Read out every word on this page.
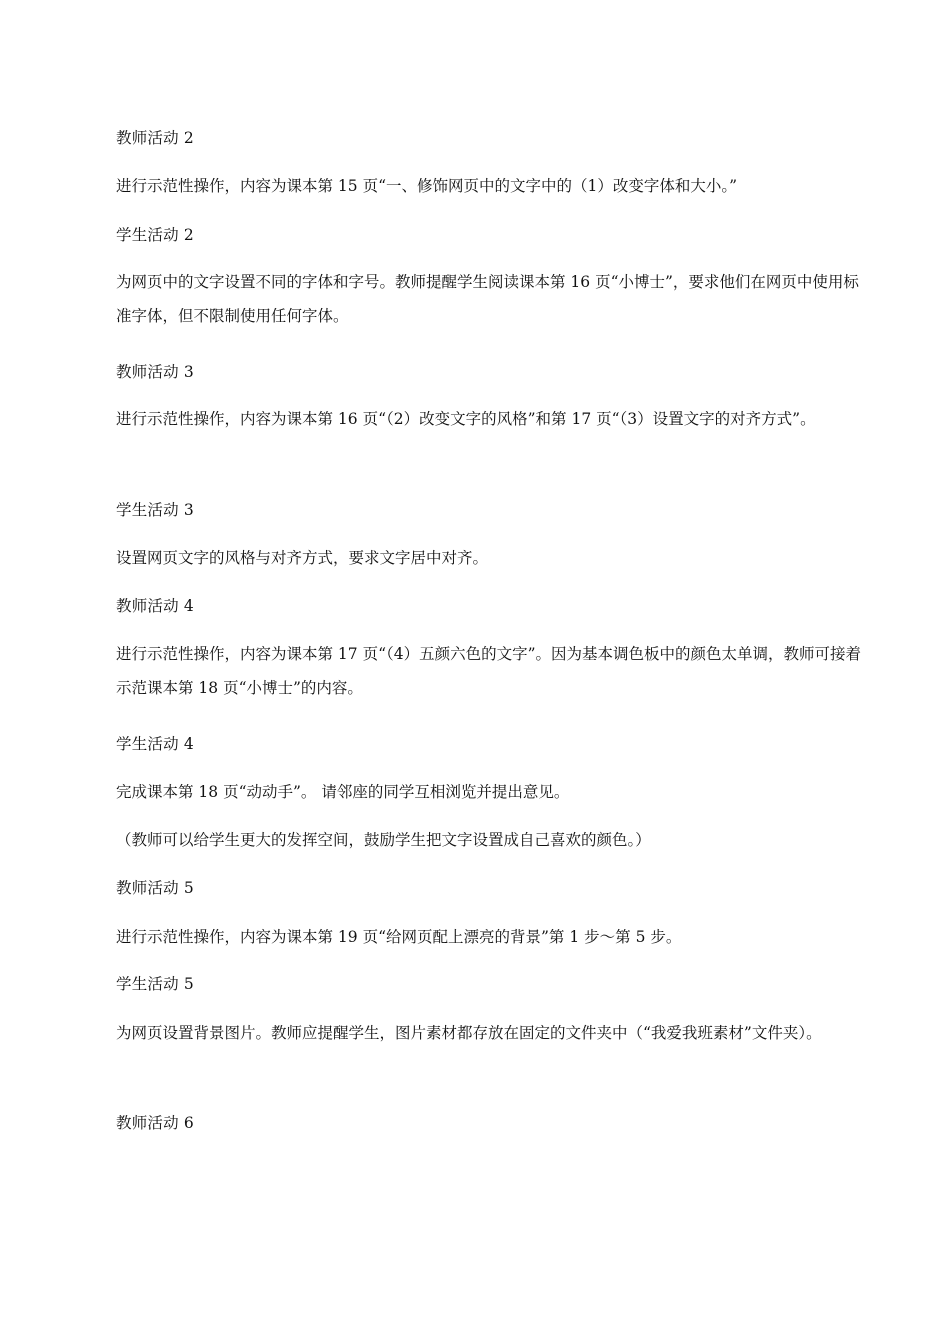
教师活动 2

进行示范性操作，内容为课本第 15 页“一、修饰网页中的文字中的（1）改变字体和大小。”

学生活动 2

为网页中的文字设置不同的字体和字号。教师提醒学生阅读课本第 16 页“小博士”，要求他们在网页中使用标准字体，但不限制使用任何字体。

教师活动 3

进行示范性操作，内容为课本第 16 页“（2）改变文字的风格”和第 17 页“（3）设置文字的对齐方式”。

学生活动 3

设置网页文字的风格与对齐方式，要求文字居中对齐。

教师活动 4

进行示范性操作，内容为课本第 17 页“（4）五颜六色的文字”。因为基本调色板中的颜色太单调，教师可接着示范课本第 18 页“小博士”的内容。

学生活动 4

完成课本第 18 页“动动手”。 请邻座的同学互相浏览并提出意见。

（教师可以给学生更大的发挥空间，鼓励学生把文字设置成自己喜欢的颜色。）

教师活动 5

进行示范性操作，内容为课本第 19 页“给网页配上漂亮的背景”第 1 步～第 5 步。

学生活动 5

为网页设置背景图片。教师应提醒学生，图片素材都存放在固定的文件夹中（“我爱我班素材”文件夹）。

教师活动 6
